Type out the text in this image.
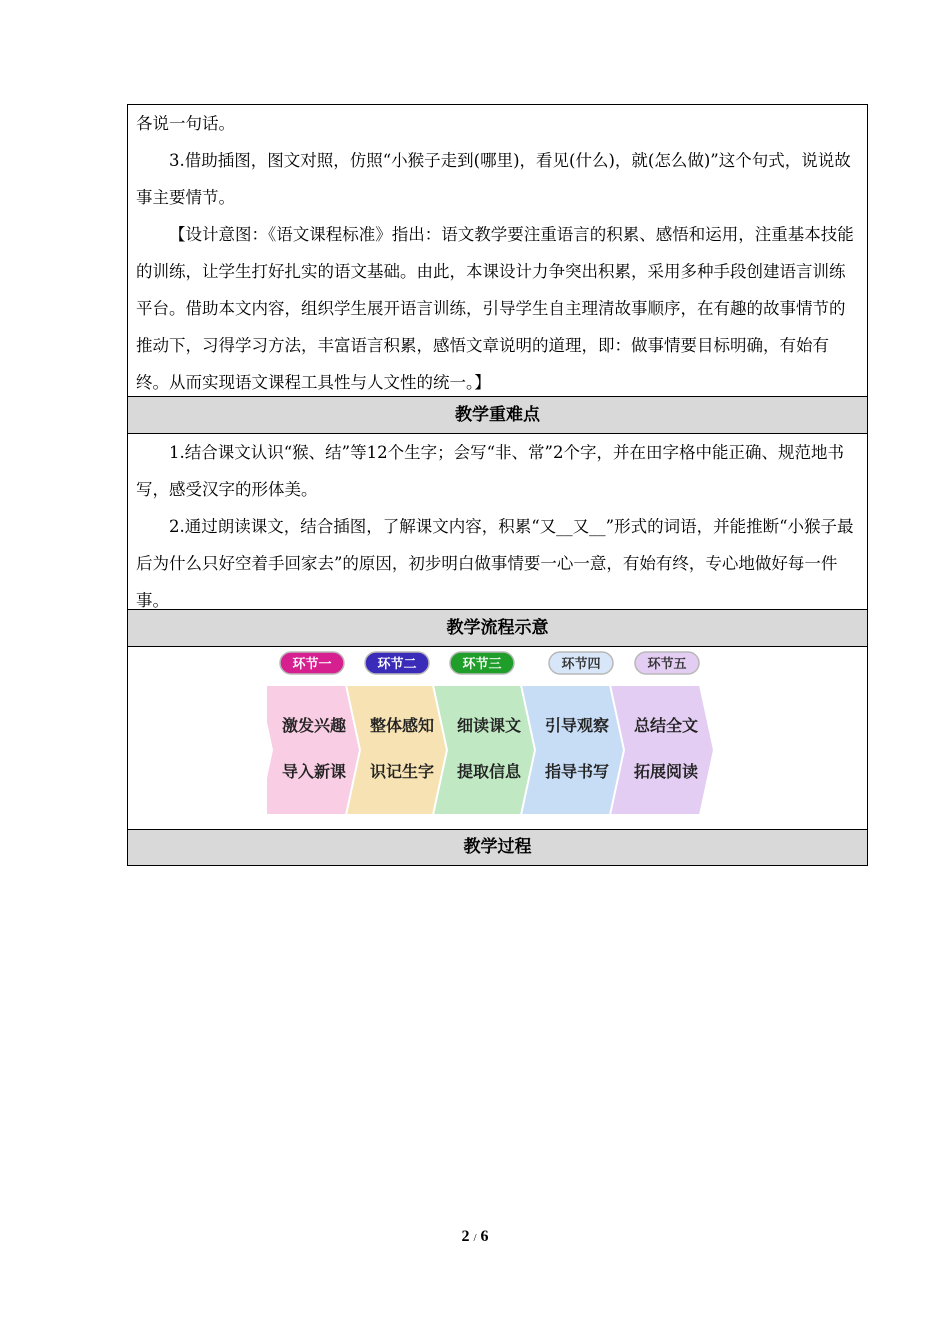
各说一句话。

3.借助插图，图文对照，仿照“小猴子走到(哪里)，看见(什么)，就(怎么做)”这个句式，说说故事主要情节。

【设计意图：《语文课程标准》指出：语文教学要注重语言的积累、感悟和运用，注重基本技能的训练，让学生打好扎实的语文基础。由此，本课设计力争突出积累，采用多种手段创建语言训练平台。借助本文内容，组织学生展开语言训练，引导学生自主理清故事顺序，在有趣的故事情节的推动下，习得学习方法，丰富语言积累，感悟文章说明的道理，即：做事情要目标明确，有始有终。从而实现语文课程工具性与人文性的统一。】

教学重难点

1.结合课文认识“猴、结”等12个生字；会写“非、常”2个字，并在田字格中能正确、规范地书写，感受汉字的形体美。

2.通过朗读课文，结合插图，了解课文内容，积累“又__又__”形式的词语，并能推断“小猴子最后为什么只好空着手回家去”的原因，初步明白做事情要一心一意，有始有终，专心地做好每一件事。

教学流程示意
环节一
激发兴趣
导入新课
环节二
整体感知
识记生字
环节三
细读课文
提取信息
环节四
引导观察
指导书写
环节五
总结全文
拓展阅读
教学过程
2 / 6
